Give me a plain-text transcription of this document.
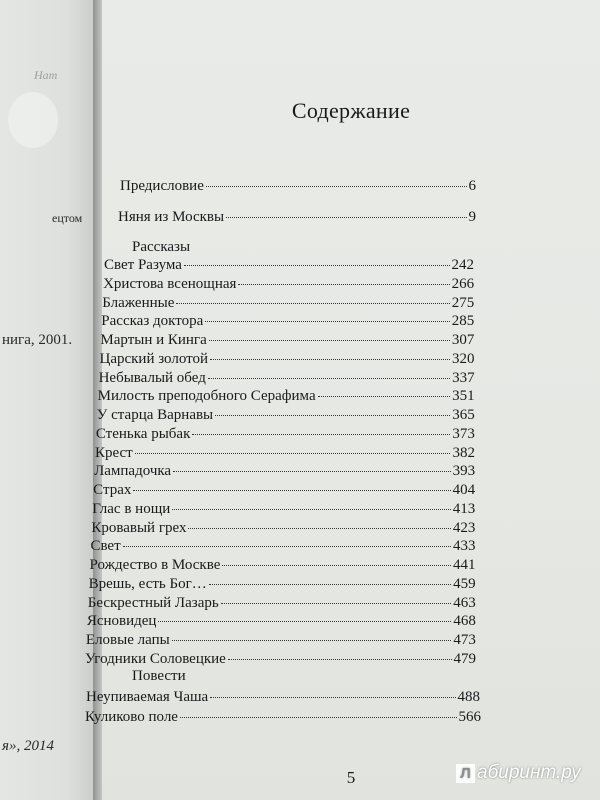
Ham
ецтом
нига, 2001.
я», 2014
Содержание
Предисловие	6
Няня из Москвы	9
Рассказы
Свет Разума	242
Христова всенощная	266
Блаженные	275
Рассказ доктора	285
Мартын и Кинга	307
Царский золотой	320
Небывалый обед	337
Милость преподобного Серафима	351
У старца Варнавы	365
Стенька рыбак	373
Крест	382
Лампадочка	393
Страх	404
Глас в нощи	413
Кровавый грех	423
Свет	433
Рождество в Москве	441
Врешь, есть Бог…	459
Бескрестный Лазарь	463
Ясновидец	468
Еловые лапы	473
Угодники Соловецкие	479
Повести
Неупиваемая Чаша	488
Куликово поле	566
5	Л абиринт.ру
